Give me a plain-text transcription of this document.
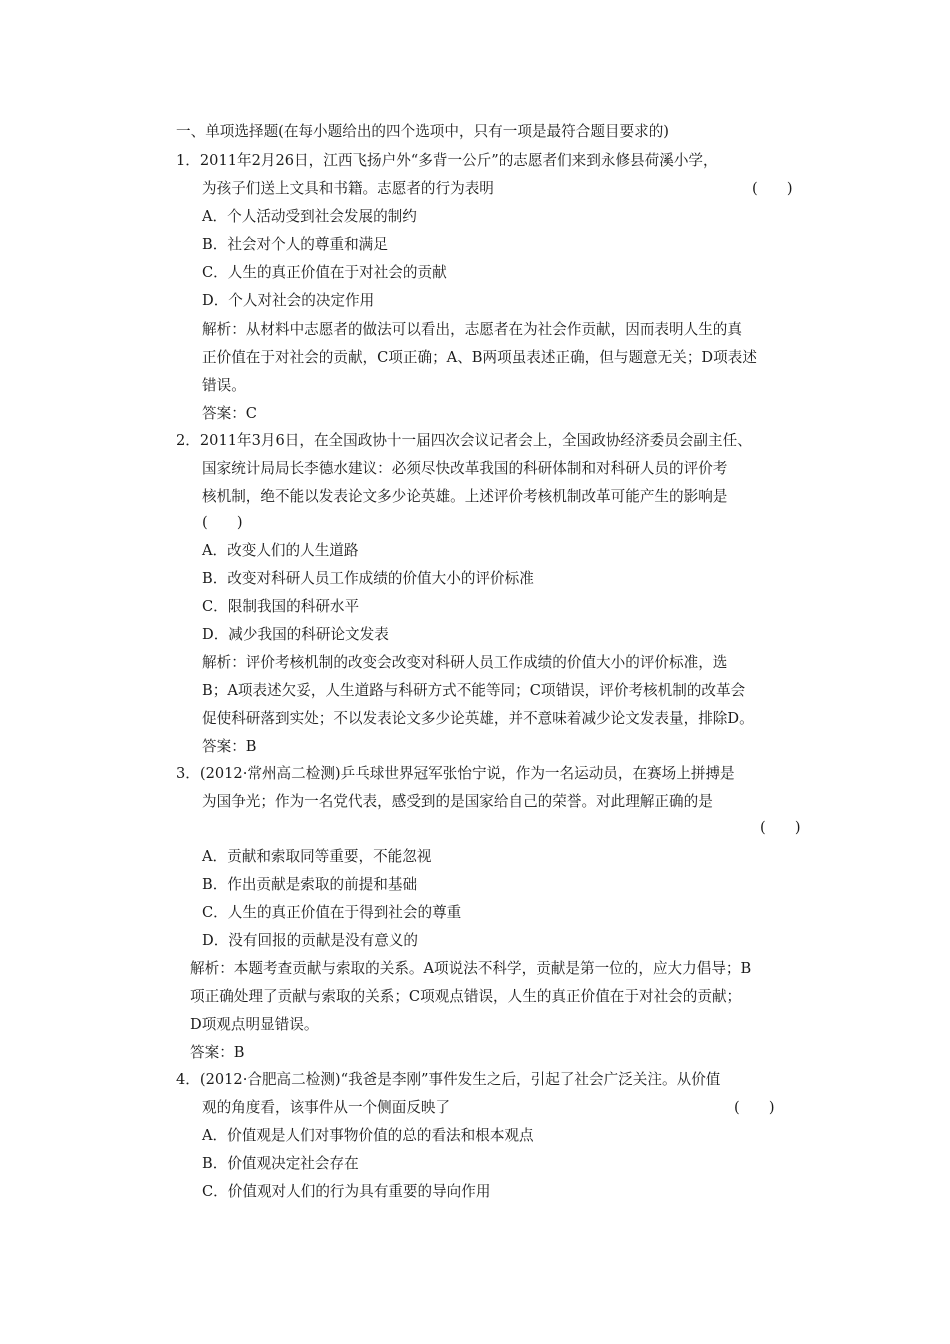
一、单项选择题(在每小题给出的四个选项中，只有一项是最符合题目要求的)
1．2011年2月26日，江西飞扬户外“多背一公斤”的志愿者们来到永修县荷溪小学，
为孩子们送上文具和书籍。志愿者的行为表明	(　　)
A．个人活动受到社会发展的制约
B．社会对个人的尊重和满足
C．人生的真正价值在于对社会的贡献
D．个人对社会的决定作用
解析：从材料中志愿者的做法可以看出，志愿者在为社会作贡献，因而表明人生的真
正价值在于对社会的贡献，C项正确；A、B两项虽表述正确，但与题意无关；D项表述
错误。
答案：C
2．2011年3月6日，在全国政协十一届四次会议记者会上，全国政协经济委员会副主任、
国家统计局局长李德水建议：必须尽快改革我国的科研体制和对科研人员的评价考
核机制，绝不能以发表论文多少论英雄。上述评价考核机制改革可能产生的影响是
(　　)
A．改变人们的人生道路
B．改变对科研人员工作成绩的价值大小的评价标准
C．限制我国的科研水平
D．减少我国的科研论文发表
解析：评价考核机制的改变会改变对科研人员工作成绩的价值大小的评价标准，选
B；A项表述欠妥，人生道路与科研方式不能等同；C项错误，评价考核机制的改革会
促使科研落到实处；不以发表论文多少论英雄，并不意味着减少论文发表量，排除D。
答案：B
3．(2012·常州高二检测)乒乓球世界冠军张怡宁说，作为一名运动员，在赛场上拼搏是
为国争光；作为一名党代表，感受到的是国家给自己的荣誉。对此理解正确的是
(　　)
A．贡献和索取同等重要，不能忽视
B．作出贡献是索取的前提和基础
C．人生的真正价值在于得到社会的尊重
D．没有回报的贡献是没有意义的
解析：本题考查贡献与索取的关系。A项说法不科学，贡献是第一位的，应大力倡导；B
项正确处理了贡献与索取的关系；C项观点错误，人生的真正价值在于对社会的贡献；
D项观点明显错误。
答案：B
4．(2012·合肥高二检测)“我爸是李刚”事件发生之后，引起了社会广泛关注。从价值
观的角度看，该事件从一个侧面反映了	(　　)
A．价值观是人们对事物价值的总的看法和根本观点
B．价值观决定社会存在
C．价值观对人们的行为具有重要的导向作用
